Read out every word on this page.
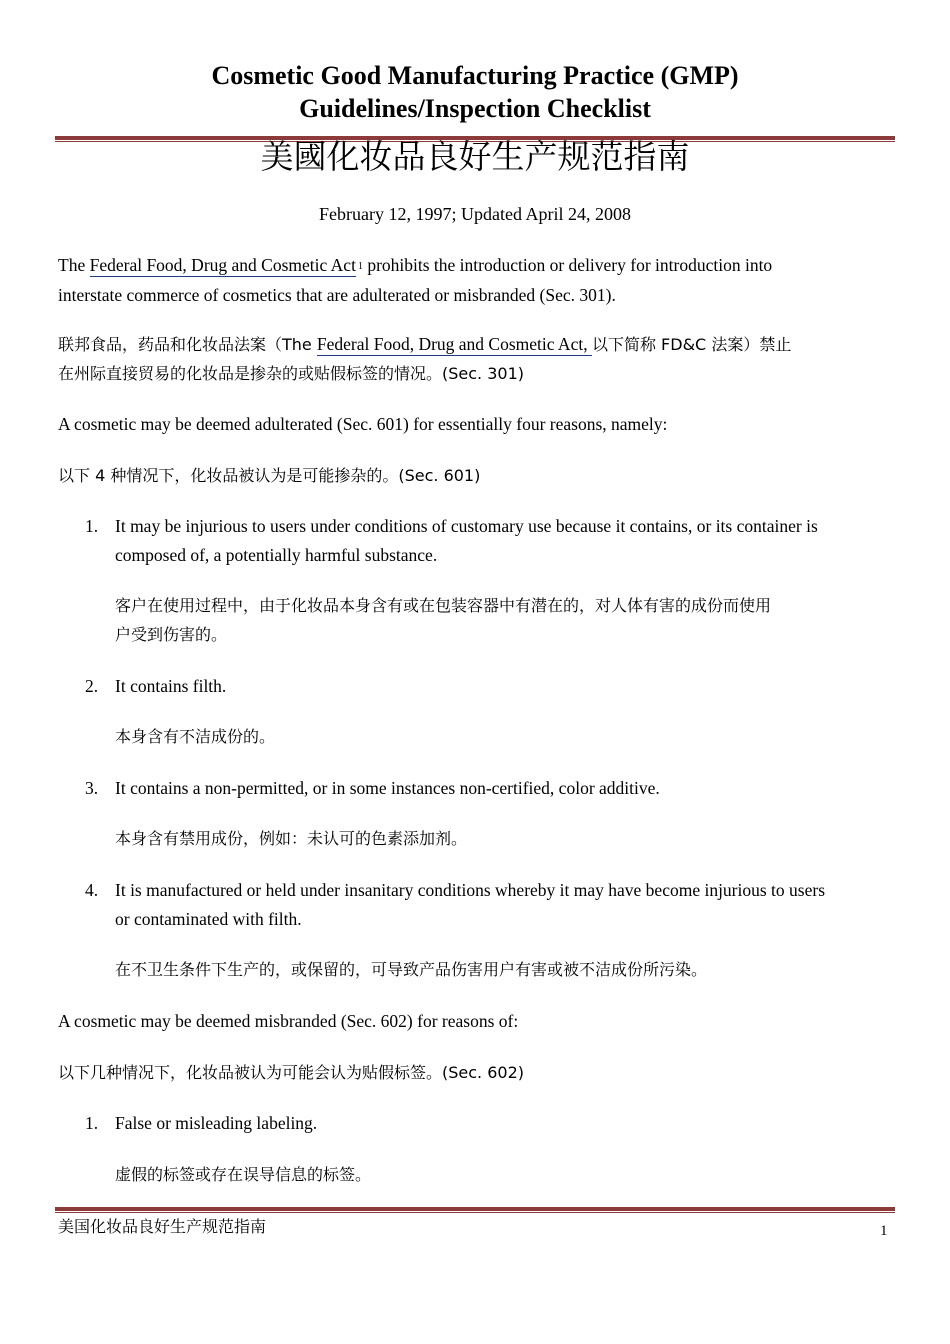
Cosmetic Good Manufacturing Practice (GMP)
Guidelines/Inspection Checklist
美國化妆品良好生产规范指南
February 12, 1997; Updated April 24, 2008
The Federal Food, Drug and Cosmetic Act $^1$ prohibits the introduction or delivery for introduction into
interstate commerce of cosmetics that are adulterated or misbranded (Sec. 301).
联邦食品，药品和化妆品法案（The Federal Food, Drug and Cosmetic Act, 以下简称 FD&C 法案）禁止
在州际直接贸易的化妆品是掺杂的或贴假标签的情况。(Sec. 301)
A cosmetic may be deemed adulterated (Sec. 601) for essentially four reasons, namely:
以下 4 种情况下，化妆品被认为是可能掺杂的。(Sec. 601)
1. It may be injurious to users under conditions of customary use because it contains, or its container is
composed of, a potentially harmful substance.
客户在使用过程中，由于化妆品本身含有或在包装容器中有潜在的，对人体有害的成份而使用
户受到伤害的。
2. It contains filth.
本身含有不洁成份的。
3. It contains a non-permitted, or in some instances non-certified, color additive.
本身含有禁用成份，例如：未认可的色素添加剂。
4. It is manufactured or held under insanitary conditions whereby it may have become injurious to users
or contaminated with filth.
在不卫生条件下生产的，或保留的，可导致产品伤害用户有害或被不洁成份所污染。
A cosmetic may be deemed misbranded (Sec. 602) for reasons of:
以下几种情况下，化妆品被认为可能会认为贴假标签。(Sec. 602)
1. False or misleading labeling.
虚假的标签或存在误导信息的标签。
美国化妆品良好生产规范指南	1
